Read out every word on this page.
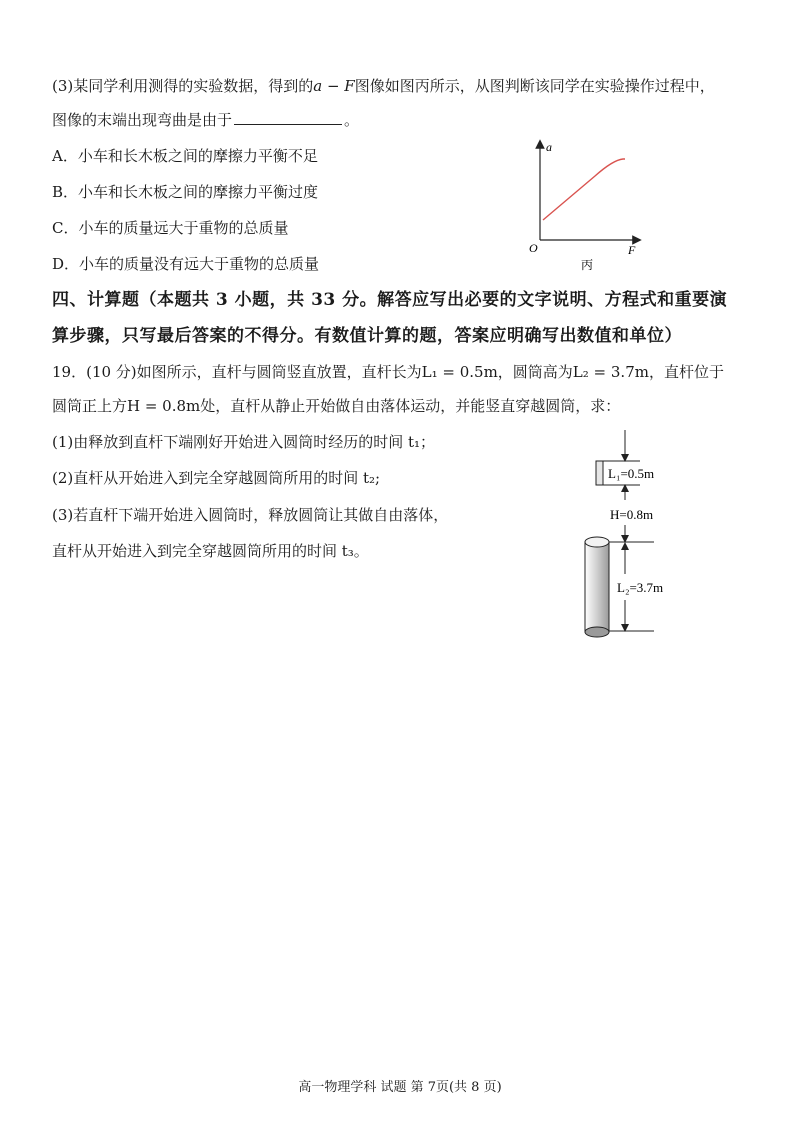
(3)某同学利用测得的实验数据，得到的a − F图像如图丙所示，从图判断该同学在实验操作过程中，
图像的末端出现弯曲是由于	。
A．小车和长木板之间的摩擦力平衡不足
B．小车和长木板之间的摩擦力平衡过度
C．小车的质量远大于重物的总质量
D．小车的质量没有远大于重物的总质量
a
F
O
丙
四、计算题（本题共 3 小题，共 33 分。解答应写出必要的文字说明、方程式和重要演
算步骤，只写最后答案的不得分。有数值计算的题，答案应明确写出数值和单位）
19．(10 分)如图所示，直杆与圆筒竖直放置，直杆长为L₁ = 0.5m，圆筒高为L₂ = 3.7m，直杆位于
圆筒正上方H = 0.8m处，直杆从静止开始做自由落体运动，并能竖直穿越圆筒，求：
(1)由释放到直杆下端刚好开始进入圆筒时经历的时间 t₁；
(2)直杆从开始进入到完全穿越圆筒所用的时间 t₂;
(3)若直杆下端开始进入圆筒时，释放圆筒让其做自由落体，
直杆从开始进入到完全穿越圆筒所用的时间 t₃。
L₁=0.5m
H=0.8m
L₂=3.7m
高一物理学科 试题 第 7页(共 8 页)
